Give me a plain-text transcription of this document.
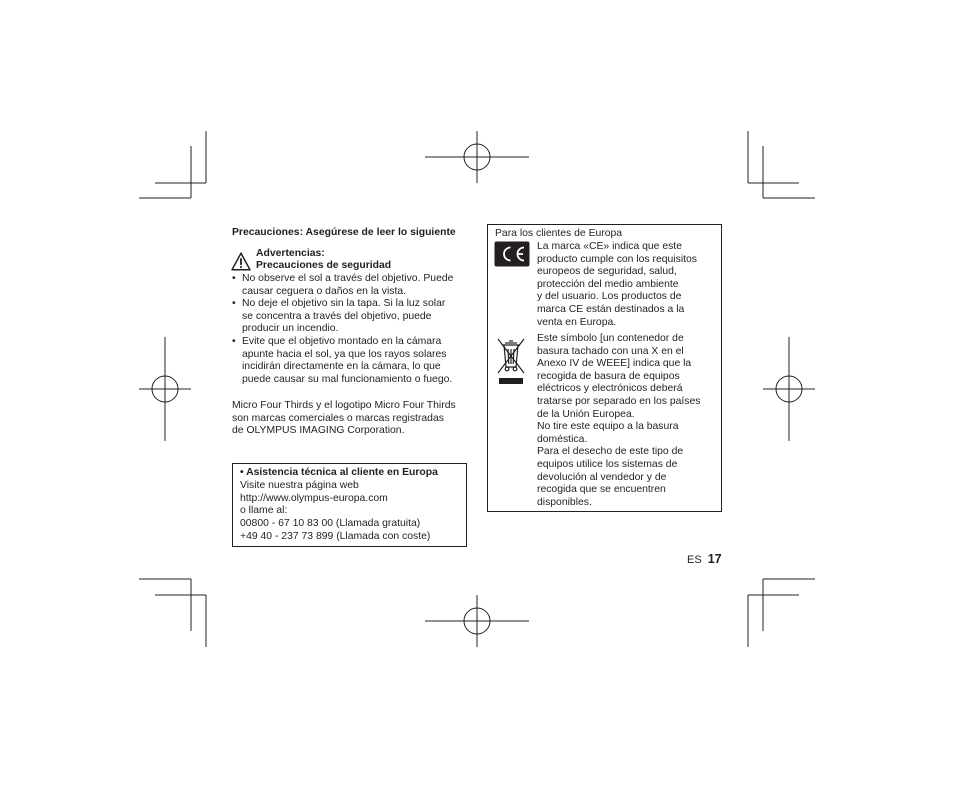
Precauciones: Asegúrese de leer lo siguiente
Advertencias:
Precauciones de seguridad
• No observe el sol a través del objetivo. Puede
causar ceguera o daños en la vista.
• No deje el objetivo sin la tapa. Si la luz solar
se concentra a través del objetivo, puede
producir un incendio.
• Evite que el objetivo montado en la cámara
apunte hacia el sol, ya que los rayos solares
incidirán directamente en la cámara, lo que
puede causar su mal funcionamiento o fuego.
Micro Four Thirds y el logotipo Micro Four Thirds
son marcas comerciales o marcas registradas
de OLYMPUS IMAGING Corporation.
• Asistencia técnica al cliente en Europa
Visite nuestra página web
http://www.olympus-europa.com
o llame al:
00800 - 67 10 83 00 (Llamada gratuita)
+49 40 - 237 73 899 (Llamada con coste)
Para los clientes de Europa
La marca «CE» indica que este
producto cumple con los requisitos
europeos de seguridad, salud,
protección del medio ambiente
y del usuario. Los productos de
marca CE están destinados a la
venta en Europa.
Este símbolo [un contenedor de
basura tachado con una X en el
Anexo IV de WEEE] indica que la
recogida de basura de equipos
eléctricos y electrónicos deberá
tratarse por separado en los países
de la Unión Europea.
No tire este equipo a la basura
doméstica.
Para el desecho de este tipo de
equipos utilice los sistemas de
devolución al vendedor y de
recogida que se encuentren
disponibles.
ES 17
